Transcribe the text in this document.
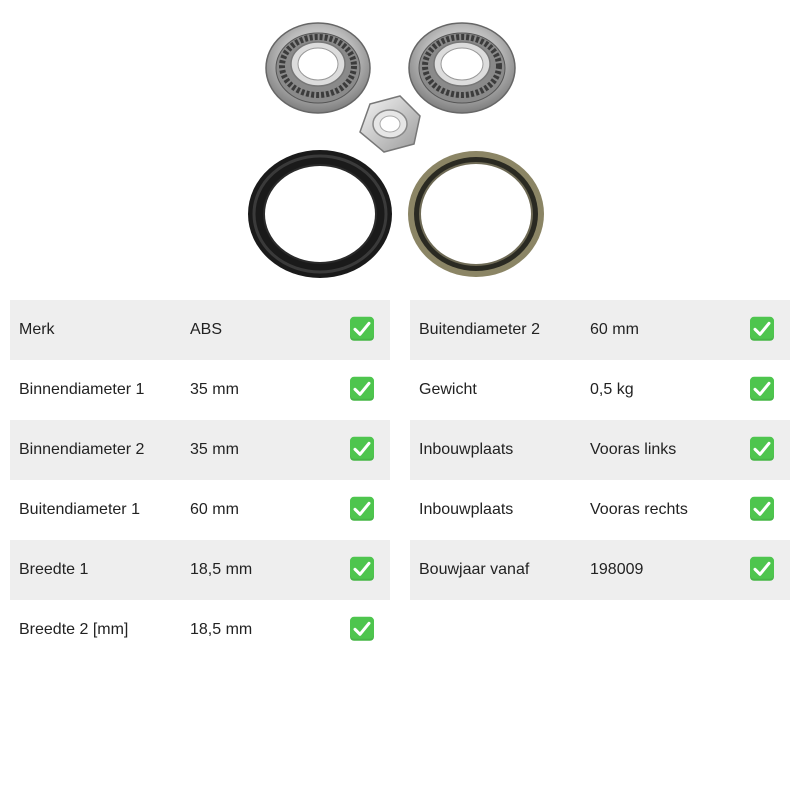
Merk	ABS
Binnendiameter 1	35 mm
Binnendiameter 2	35 mm
Buitendiameter 1	60 mm
Breedte 1	18,5 mm
Breedte 2 [mm]	18,5 mm
Buitendiameter 2	60 mm
Gewicht	0,5 kg
Inbouwplaats	Vooras links
Inbouwplaats	Vooras rechts
Bouwjaar vanaf	198009
